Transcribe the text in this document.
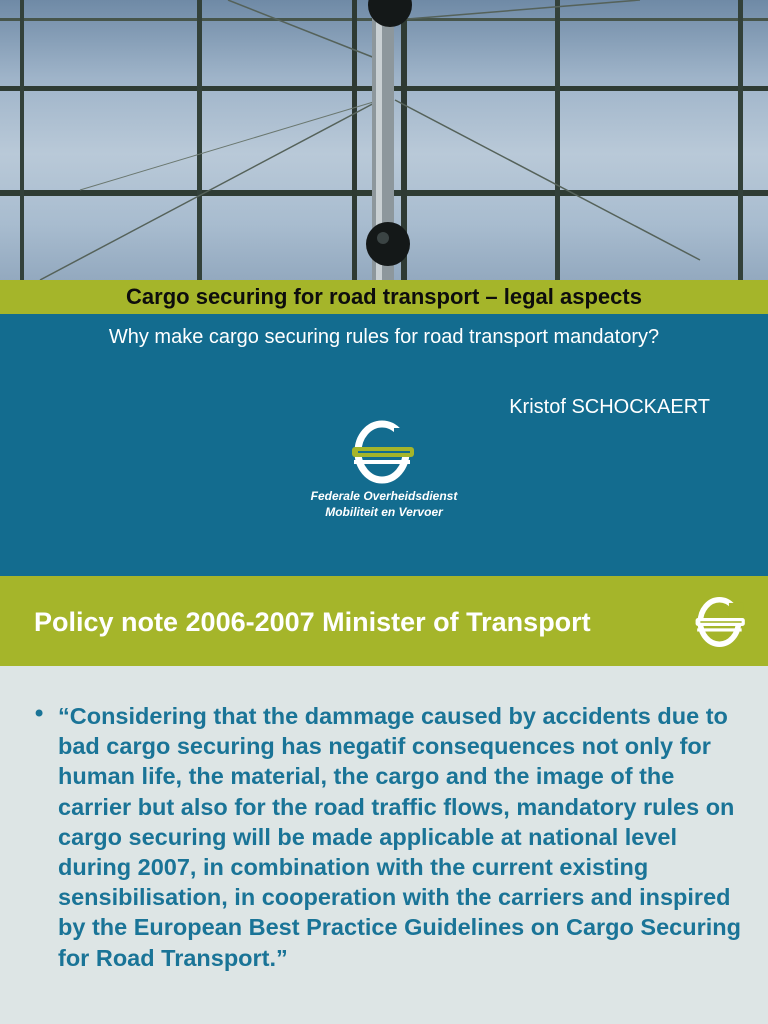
Cargo securing for road transport – legal aspects
Why make cargo securing rules for road transport mandatory?
Kristof SCHOCKAERT
Federale Overheidsdienst
Mobiliteit en Vervoer
Policy note 2006-2007 Minister of Transport
• “Considering that the dammage caused by accidents due to bad cargo securing has negatif consequences not only for human life, the material, the cargo and the image of the carrier but also for the road traffic flows, mandatory rules on cargo securing will be made applicable at national level during 2007, in combination with the current existing sensibilisation, in cooperation with the carriers and inspired by the European Best Practice Guidelines on Cargo Securing for Road Transport.”
